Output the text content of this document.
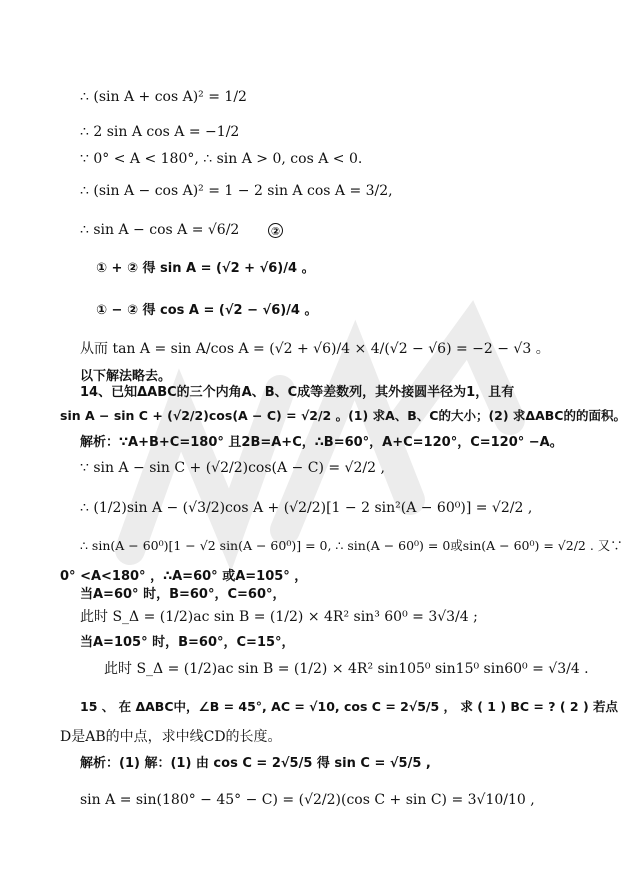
∴ (sin A + cos A)² = 1/2
∴ 2 sin A cos A = −1/2
∵ 0° < A < 180°, ∴ sin A > 0, cos A < 0.
∴ (sin A − cos A)² = 1 − 2 sin A cos A = 3/2,
∴ sin A − cos A = √6/2	②
① + ② 得 sin A = (√2 + √6)/4 。
① − ② 得 cos A = (√2 − √6)/4 。
从而 tan A = sin A/cos A = (√2 + √6)/4 × 4/(√2 − √6) = −2 − √3 。
以下解法略去。
14、已知ΔABC的三个内角A、B、C成等差数列，其外接圆半径为1，且有
sin A − sin C + (√2/2)cos(A − C) = √2/2 。(1) 求A、B、C的大小；(2) 求ΔABC的的面积。
解析：∵A+B+C=180° 且2B=A+C，∴B=60°，A+C=120°，C=120° −A。
∵ sin A − sin C + (√2/2)cos(A − C) = √2/2 ,
∴ (1/2)sin A − (√3/2)cos A + (√2/2)[1 − 2 sin²(A − 60⁰)] = √2/2 ,
∴ sin(A − 60⁰)[1 − √2 sin(A − 60⁰)] = 0, ∴ sin(A − 60⁰) = 0或sin(A − 60⁰) = √2/2 . 又∵
0° <A<180° ，∴A=60° 或A=105° ，
当A=60° 时，B=60°，C=60°，
此时 S_Δ = (1/2)ac sin B = (1/2) × 4R² sin³ 60⁰ = 3√3/4 ;
当A=105° 时，B=60°，C=15°，
此时 S_Δ = (1/2)ac sin B = (1/2) × 4R² sin105⁰ sin15⁰ sin60⁰ = √3/4 .
15 、 在 ΔABC中，∠B = 45°, AC = √10, cos C = 2√5/5 ， 求 ( 1 ) BC = ? ( 2 ) 若点
D是AB的中点，求中线CD的长度。
解析：(1) 解：(1) 由 cos C = 2√5/5 得 sin C = √5/5 ,
sin A = sin(180° − 45° − C) = (√2/2)(cos C + sin C) = 3√10/10 ,
